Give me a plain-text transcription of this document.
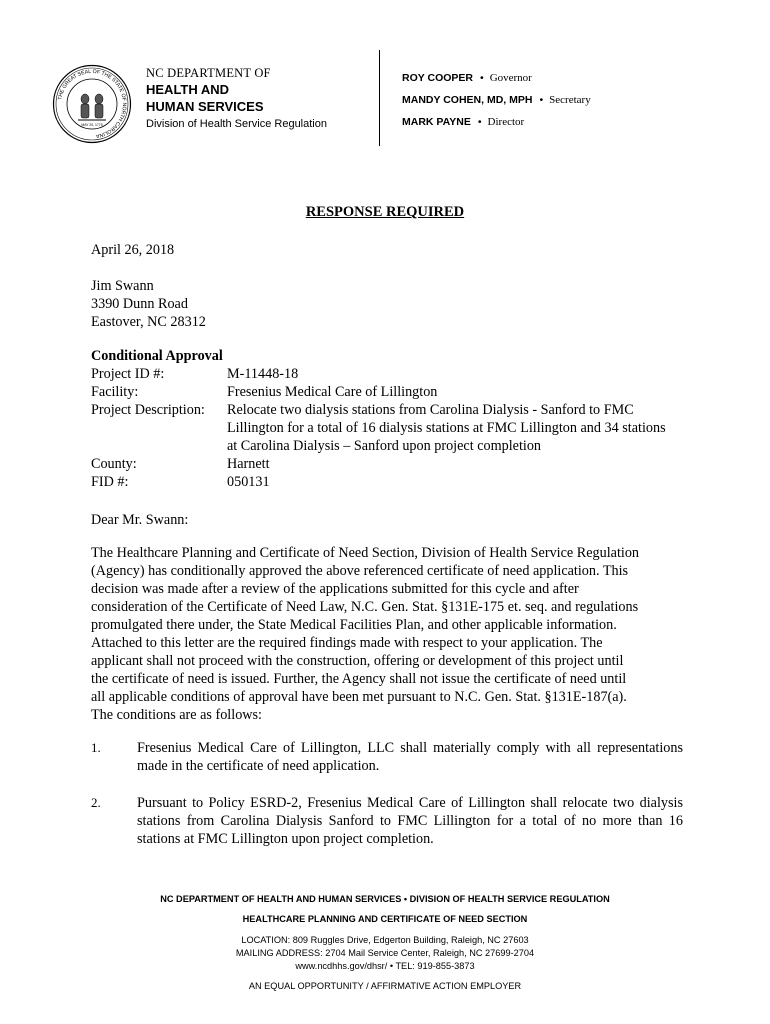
THE GREAT SEAL OF THE STATE OF NORTH CAROLINA
MAY 20, 1775
NC DEPARTMENT OF
HEALTH AND
HUMAN SERVICES
Division of Health Service Regulation
ROY COOPER • Governor
MANDY COHEN, MD, MPH • Secretary
MARK PAYNE • Director
RESPONSE REQUIRED
April 26, 2018
Jim Swann
3390 Dunn Road
Eastover, NC 28312
Conditional Approval
Project ID #:	M-11448-18
Facility:	Fresenius Medical Care of Lillington
Project Description:	Relocate two dialysis stations from Carolina Dialysis - Sanford to FMC Lillington for a total of 16 dialysis stations at FMC Lillington and 34 stations at Carolina Dialysis – Sanford upon project completion
County:	Harnett
FID #:	050131
Dear Mr. Swann:
The Healthcare Planning and Certificate of Need Section, Division of Health Service Regulation
(Agency) has conditionally approved the above referenced certificate of need application. This
decision was made after a review of the applications submitted for this cycle and after
consideration of the Certificate of Need Law, N.C. Gen. Stat. §131E-175 et. seq. and regulations
promulgated there under, the State Medical Facilities Plan, and other applicable information.
Attached to this letter are the required findings made with respect to your application. The
applicant shall not proceed with the construction, offering or development of this project until
the certificate of need is issued. Further, the Agency shall not issue the certificate of need until
all applicable conditions of approval have been met pursuant to N.C. Gen. Stat. §131E-187(a).
The conditions are as follows:
1.	Fresenius Medical Care of Lillington, LLC shall materially comply with all representations made in the certificate of need application.
2.	Pursuant to Policy ESRD-2, Fresenius Medical Care of Lillington shall relocate two dialysis stations from Carolina Dialysis Sanford to FMC Lillington for a total of no more than 16 stations at FMC Lillington upon project completion.
NC DEPARTMENT OF HEALTH AND HUMAN SERVICES • DIVISION OF HEALTH SERVICE REGULATION
HEALTHCARE PLANNING AND CERTIFICATE OF NEED SECTION
LOCATION: 809 Ruggles Drive, Edgerton Building, Raleigh, NC 27603
MAILING ADDRESS: 2704 Mail Service Center, Raleigh, NC 27699-2704
www.ncdhhs.gov/dhsr/ • TEL: 919-855-3873
AN EQUAL OPPORTUNITY / AFFIRMATIVE ACTION EMPLOYER
